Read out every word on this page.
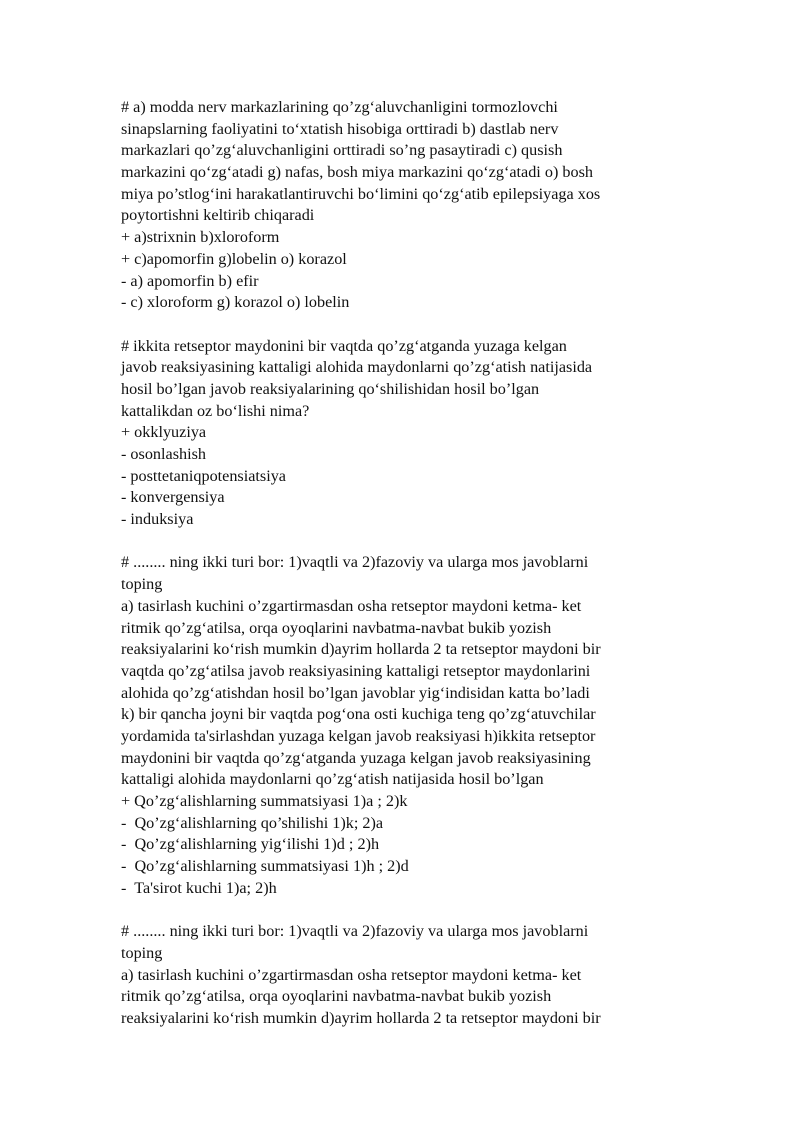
# a) modda nerv markazlarining qo’zg‘aluvchanligini tormozlovchi
sinapslarning faoliyatini to‘xtatish hisobiga orttiradi b) dastlab nerv
markazlari qo’zg‘aluvchanligini orttiradi so’ng pasaytiradi c) qusish
markazini qo‘zg‘atadi g) nafas, bosh miya markazini qo‘zg‘atadi o) bosh
miya po’stlog‘ini harakatlantiruvchi bo‘limini qo‘zg‘atib epilepsiyaga xos
poytortishni keltirib chiqaradi
+ a)strixnin b)xloroform
+ c)apomorfin g)lobelin o) korazol
- a) apomorfin b) efir
- c) xloroform g) korazol o) lobelin
# ikkita retseptor maydonini bir vaqtda qo’zg‘atganda yuzaga kelgan
javob reaksiyasining kattaligi alohida maydonlarni qo’zg‘atish natijasida
hosil bo’lgan javob reaksiyalarining qo‘shilishidan hosil bo’lgan
kattalikdan oz bo‘lishi nima?
+ okklyuziya
- osonlashish
- posttetaniqpotensiatsiya
- konvergensiya
- induksiya
# ........ ning ikki turi bor: 1)vaqtli va 2)fazoviy va ularga mos javoblarni
toping
a) tasirlash kuchini o’zgartirmasdan osha retseptor maydoni ketma- ket
ritmik qo’zg‘atilsa, orqa oyoqlarini navbatma-navbat bukib yozish
reaksiyalarini ko‘rish mumkin d)ayrim hollarda 2 ta retseptor maydoni bir
vaqtda qo’zg‘atilsa javob reaksiyasining kattaligi retseptor maydonlarini
alohida qo’zg‘atishdan hosil bo’lgan javoblar yig‘indisidan katta bo’ladi
k) bir qancha joyni bir vaqtda pog‘ona osti kuchiga teng qo’zg‘atuvchilar
yordamida ta'sirlashdan yuzaga kelgan javob reaksiyasi h)ikkita retseptor
maydonini bir vaqtda qo’zg‘atganda yuzaga kelgan javob reaksiyasining
kattaligi alohida maydonlarni qo’zg‘atish natijasida hosil bo’lgan
+ Qo’zg‘alishlarning summatsiyasi 1)a ; 2)k
-  Qo’zg‘alishlarning qo’shilishi 1)k; 2)a
-  Qo’zg‘alishlarning yig‘ilishi 1)d ; 2)h
-  Qo’zg‘alishlarning summatsiyasi 1)h ; 2)d
-  Ta'sirot kuchi 1)a; 2)h
# ........ ning ikki turi bor: 1)vaqtli va 2)fazoviy va ularga mos javoblarni
toping
a) tasirlash kuchini o’zgartirmasdan osha retseptor maydoni ketma- ket
ritmik qo’zg‘atilsa, orqa oyoqlarini navbatma-navbat bukib yozish
reaksiyalarini ko‘rish mumkin d)ayrim hollarda 2 ta retseptor maydoni bir
